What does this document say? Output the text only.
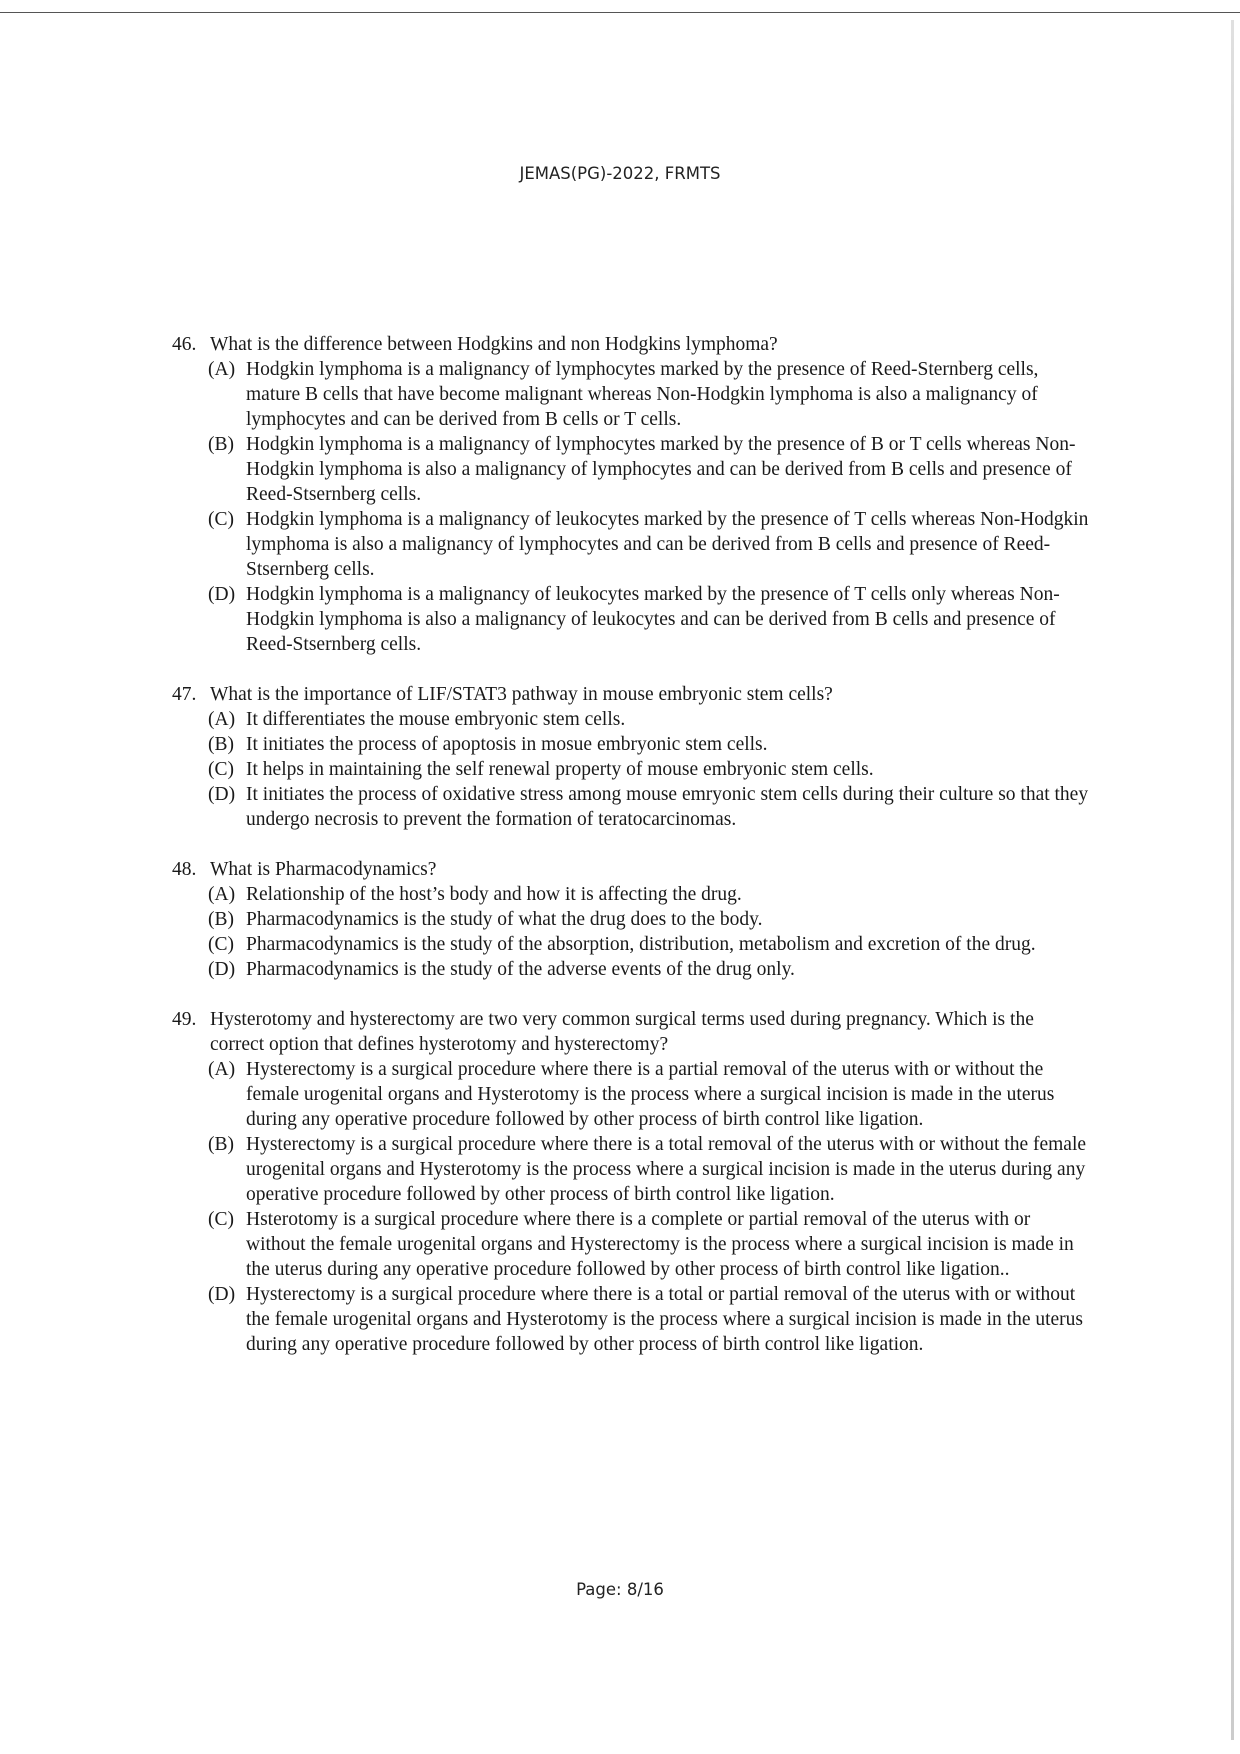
JEMAS(PG)-2022, FRMTS
46. What is the difference between Hodgkins and non Hodgkins lymphoma?
(A) Hodgkin lymphoma is a malignancy of lymphocytes marked by the presence of Reed-Sternberg cells, mature B cells that have become malignant whereas Non-Hodgkin lymphoma is also a malignancy of lymphocytes and can be derived from B cells or T cells.
(B) Hodgkin lymphoma is a malignancy of lymphocytes marked by the presence of B or T cells whereas Non-Hodgkin lymphoma is also a malignancy of lymphocytes and can be derived from B cells and presence of Reed-Stsernberg cells.
(C) Hodgkin lymphoma is a malignancy of leukocytes marked by the presence of T cells whereas Non-Hodgkin lymphoma is also a malignancy of lymphocytes and can be derived from B cells and presence of Reed-Stsernberg cells.
(D) Hodgkin lymphoma is a malignancy of leukocytes marked by the presence of T cells only whereas Non-Hodgkin lymphoma is also a malignancy of leukocytes and can be derived from B cells and presence of Reed-Stsernberg cells.
47. What is the importance of LIF/STAT3 pathway in mouse embryonic stem cells?
(A) It differentiates the mouse embryonic stem cells.
(B) It initiates the process of apoptosis in mosue embryonic stem cells.
(C) It helps in maintaining the self renewal property of mouse embryonic stem cells.
(D) It initiates the process of oxidative stress among mouse emryonic stem cells during their culture so that they undergo necrosis to prevent the formation of teratocarcinomas.
48. What is Pharmacodynamics?
(A) Relationship of the host’s body and how it is affecting the drug.
(B) Pharmacodynamics is the study of what the drug does to the body.
(C) Pharmacodynamics is the study of the absorption, distribution, metabolism and excretion of the drug.
(D) Pharmacodynamics is the study of the adverse events of the drug only.
49. Hysterotomy and hysterectomy are two very common surgical terms used during pregnancy. Which is the correct option that defines hysterotomy and hysterectomy?
(A) Hysterectomy is a surgical procedure where there is a partial removal of the uterus with or without the female urogenital organs and Hysterotomy is the process where a surgical incision is made in the uterus during any operative procedure followed by other process of birth control like ligation.
(B) Hysterectomy is a surgical procedure where there is a total removal of the uterus with or without the female urogenital organs and Hysterotomy is the process where a surgical incision is made in the uterus during any operative procedure followed by other process of birth control like ligation.
(C) Hsterotomy is a surgical procedure where there is a complete or partial removal of the uterus with or without the female urogenital organs and Hysterectomy is the process where a surgical incision is made in the uterus during any operative procedure followed by other process of birth control like ligation..
(D) Hysterectomy is a surgical procedure where there is a total or partial removal of the uterus with or without the female urogenital organs and Hysterotomy is the process where a surgical incision is made in the uterus during any operative procedure followed by other process of birth control like ligation.
Page: 8/16
